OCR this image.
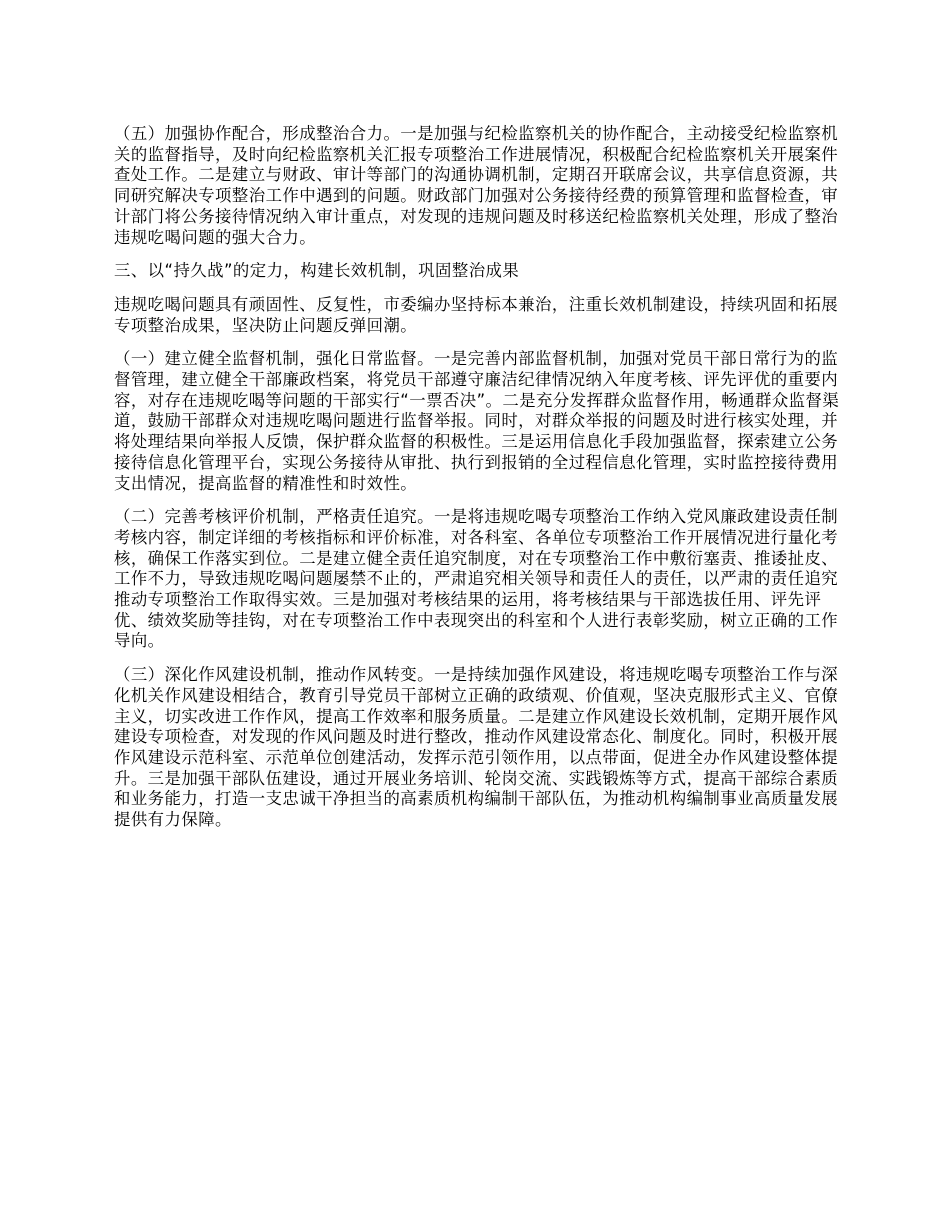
（五）加强协作配合，形成整治合力。一是加强与纪检监察机关的协作配合，主动接受纪检监察机关的监督指导，及时向纪检监察机关汇报专项整治工作进展情况，积极配合纪检监察机关开展案件查处工作。二是建立与财政、审计等部门的沟通协调机制，定期召开联席会议，共享信息资源，共同研究解决专项整治工作中遇到的问题。财政部门加强对公务接待经费的预算管理和监督检查，审计部门将公务接待情况纳入审计重点，对发现的违规问题及时移送纪检监察机关处理，形成了整治违规吃喝问题的强大合力。

三、以“持久战”的定力，构建长效机制，巩固整治成果

违规吃喝问题具有顽固性、反复性，市委编办坚持标本兼治，注重长效机制建设，持续巩固和拓展专项整治成果，坚决防止问题反弹回潮。

（一）建立健全监督机制，强化日常监督。一是完善内部监督机制，加强对党员干部日常行为的监督管理，建立健全干部廉政档案，将党员干部遵守廉洁纪律情况纳入年度考核、评先评优的重要内容，对存在违规吃喝等问题的干部实行“一票否决”。二是充分发挥群众监督作用，畅通群众监督渠道，鼓励干部群众对违规吃喝问题进行监督举报。同时，对群众举报的问题及时进行核实处理，并将处理结果向举报人反馈，保护群众监督的积极性。三是运用信息化手段加强监督，探索建立公务接待信息化管理平台，实现公务接待从审批、执行到报销的全过程信息化管理，实时监控接待费用支出情况，提高监督的精准性和时效性。

（二）完善考核评价机制，严格责任追究。一是将违规吃喝专项整治工作纳入党风廉政建设责任制考核内容，制定详细的考核指标和评价标准，对各科室、各单位专项整治工作开展情况进行量化考核，确保工作落实到位。二是建立健全责任追究制度，对在专项整治工作中敷衍塞责、推诿扯皮、工作不力，导致违规吃喝问题屡禁不止的，严肃追究相关领导和责任人的责任，以严肃的责任追究推动专项整治工作取得实效。三是加强对考核结果的运用，将考核结果与干部选拔任用、评先评优、绩效奖励等挂钩，对在专项整治工作中表现突出的科室和个人进行表彰奖励，树立正确的工作导向。

（三）深化作风建设机制，推动作风转变。一是持续加强作风建设，将违规吃喝专项整治工作与深化机关作风建设相结合，教育引导党员干部树立正确的政绩观、价值观，坚决克服形式主义、官僚主义，切实改进工作作风，提高工作效率和服务质量。二是建立作风建设长效机制，定期开展作风建设专项检查，对发现的作风问题及时进行整改，推动作风建设常态化、制度化。同时，积极开展作风建设示范科室、示范单位创建活动，发挥示范引领作用，以点带面，促进全办作风建设整体提升。三是加强干部队伍建设，通过开展业务培训、轮岗交流、实践锻炼等方式，提高干部综合素质和业务能力，打造一支忠诚干净担当的高素质机构编制干部队伍，为推动机构编制事业高质量发展提供有力保障。
